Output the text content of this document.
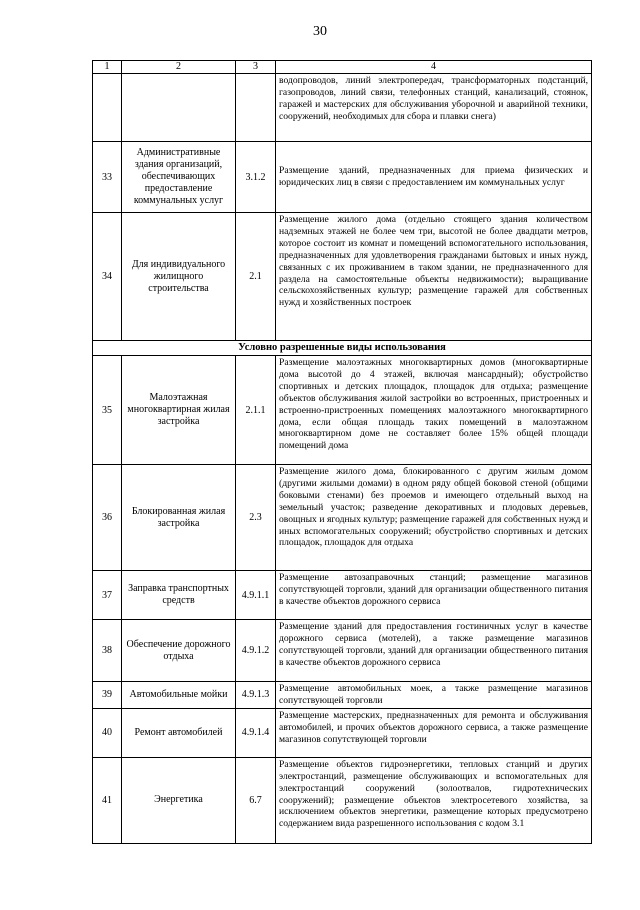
30
1	2	3	4
			водопроводов, линий электропередач, трансформаторных подстанций, газопроводов, линий связи, телефонных станций, канализаций, стоянок, гаражей и мастерских для обслуживания уборочной и аварийной техники, сооружений, необходимых для сбора и плавки снега)
33	Административные здания организаций, обеспечивающих предоставление коммунальных услуг	3.1.2	Размещение зданий, предназначенных для приема физических и юридических лиц в связи с предоставлением им коммунальных услуг
34	Для индивидуального жилищного строительства	2.1	Размещение жилого дома (отдельно стоящего здания количеством надземных этажей не более чем три, высотой не более двадцати метров, которое состоит из комнат и помещений вспомогательного использования, предназначенных для удовлетворения гражданами бытовых и иных нужд, связанных с их проживанием в таком здании, не предназначенного для раздела на самостоятельные объекты недвижимости); выращивание сельскохозяйственных культур; размещение гаражей для собственных нужд и хозяйственных построек
Условно разрешенные виды использования			
35	Малоэтажная многоквартирная жилая застройка	2.1.1	Размещение малоэтажных многоквартирных домов (многоквартирные дома высотой до 4 этажей, включая мансардный); обустройство спортивных и детских площадок, площадок для отдыха; размещение объектов обслуживания жилой застройки во встроенных, пристроенных и встроенно-пристроенных помещениях малоэтажного многоквартирного дома, если общая площадь таких помещений в малоэтажном многоквартирном доме не составляет более 15% общей площади помещений дома
36	Блокированная жилая застройка	2.3	Размещение жилого дома, блокированного с другим жилым домом (другими жилыми домами) в одном ряду общей боковой стеной (общими боковыми стенами) без проемов и имеющего отдельный выход на земельный участок; разведение декоративных и плодовых деревьев, овощных и ягодных культур; размещение гаражей для собственных нужд и иных вспомогательных сооружений; обустройство спортивных и детских площадок, площадок для отдыха
37	Заправка транспортных средств	4.9.1.1	Размещение автозаправочных станций; размещение магазинов сопутствующей торговли, зданий для организации общественного питания в качестве объектов дорожного сервиса
38	Обеспечение дорожного отдыха	4.9.1.2	Размещение зданий для предоставления гостиничных услуг в качестве дорожного сервиса (мотелей), а также размещение магазинов сопутствующей торговли, зданий для организации общественного питания в качестве объектов дорожного сервиса
39	Автомобильные мойки	4.9.1.3	Размещение автомобильных моек, а также размещение магазинов сопутствующей торговли
40	Ремонт автомобилей	4.9.1.4	Размещение мастерских, предназначенных для ремонта и обслуживания автомобилей, и прочих объектов дорожного сервиса, а также размещение магазинов сопутствующей торговли
41	Энергетика	6.7	Размещение объектов гидроэнергетики, тепловых станций и других электростанций, размещение обслуживающих и вспомогательных для электростанций сооружений (золоотвалов, гидротехнических сооружений); размещение объектов электросетевого хозяйства, за исключением объектов энергетики, размещение которых предусмотрено содержанием вида разрешенного использования с кодом 3.1
